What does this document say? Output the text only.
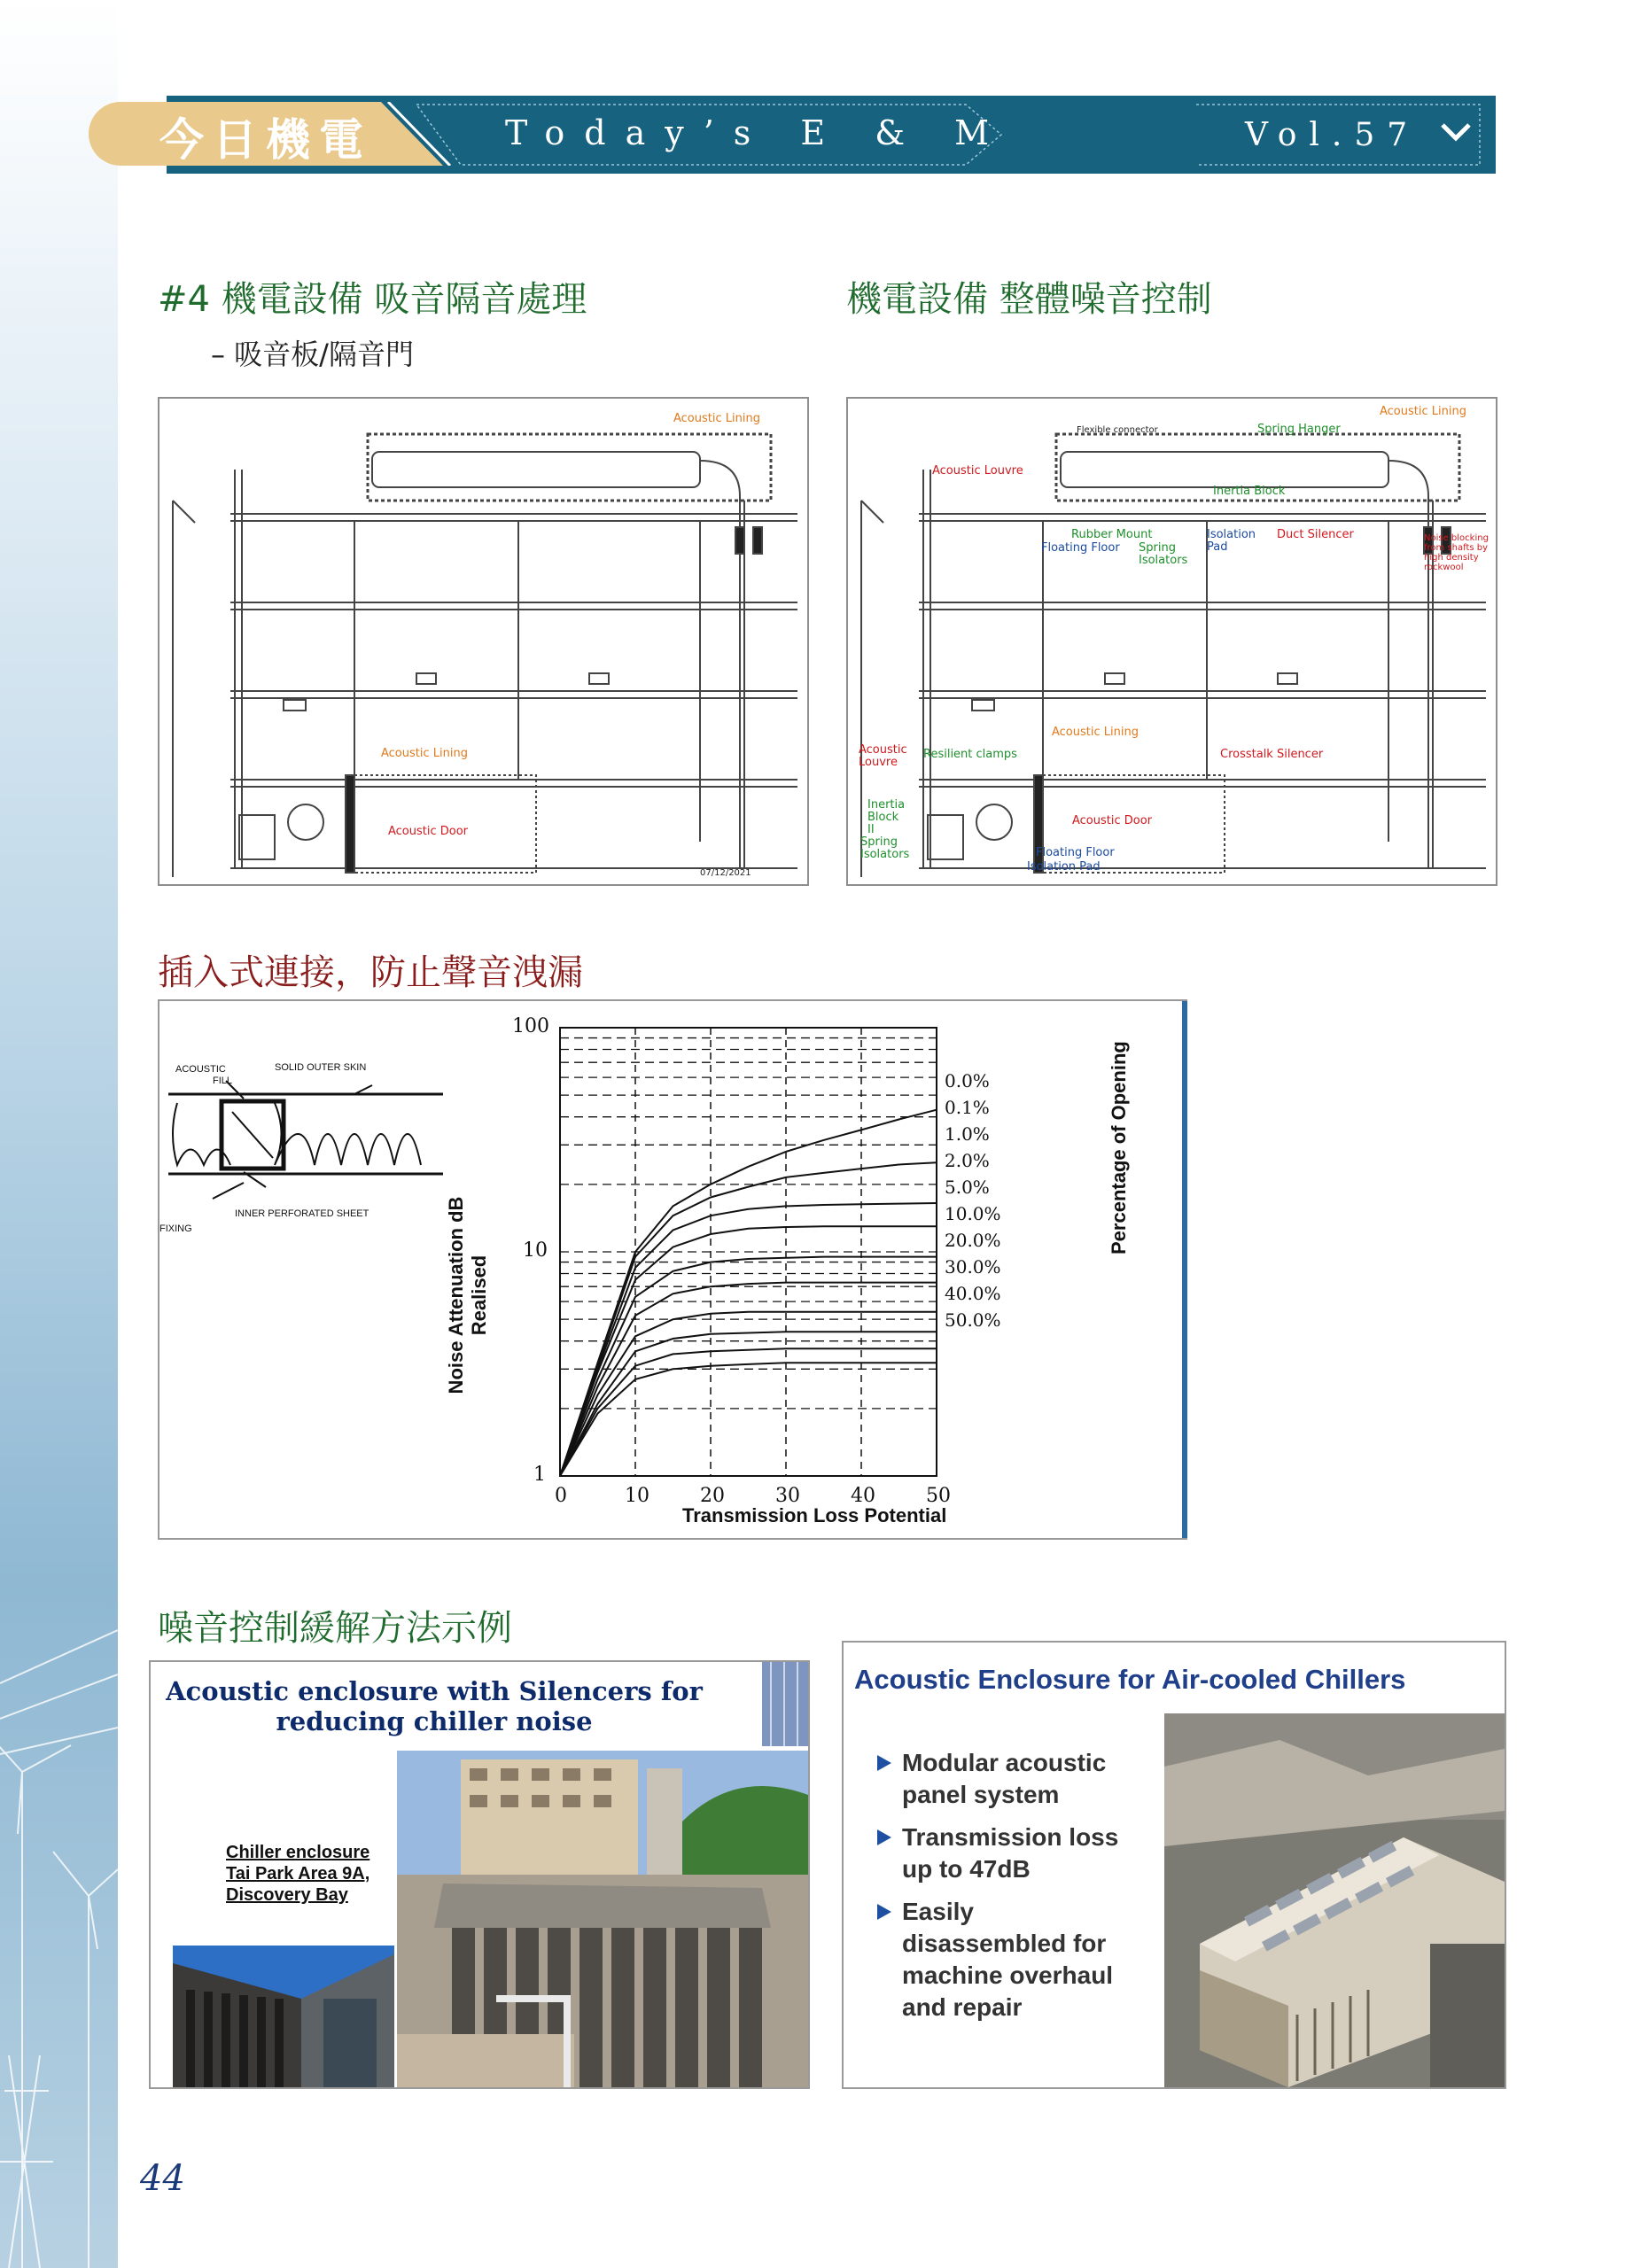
今日機電	Today’s E & M	Vol.57
#4 機電設備 吸音隔音處理
– 吸音板/隔音門
機電設備 整體噪音控制
Acoustic Lining
Acoustic Lining
Acoustic Door
07/12/2021
Flexible connector	Spring Hanger
Acoustic Lining
Acoustic Louvre
Inertia Block
Rubber Mount
Floating Floor Spring
Isolators
Isolation
Pad
Duct Silencer	Noise blocking
from shafts by
high density
rockwool
Acoustic
Louvre
Resilient clamps
Acoustic Lining
Crosstalk Silencer
Inertia
Block
II
Spring
Isolators
Acoustic Door
Floating Floor
Isolation Pad
插入式連接，防止聲音洩漏
ACOUSTIC
FILL
SOLID OUTER SKIN
INNER PERFORATED SHEET
FIXING	Noise Attenuation dB Realised
Transmission Loss Potential
Percentage of Opening
0	10	20	30	40	50
1
10
100
0.0%
0.1%
1.0%
2.0%
5.0%
10.0%
20.0%
30.0%
40.0%
50.0%
噪音控制緩解方法示例
Acoustic enclosure with Silencers for reducing chiller noise
Chiller enclosure
Tai Park Area 9A,
Discovery Bay
Acoustic Enclosure for Air-cooled Chillers
Modular acoustic panel system
Transmission loss up to 47dB
Easily disassembled for machine overhaul and repair
44
